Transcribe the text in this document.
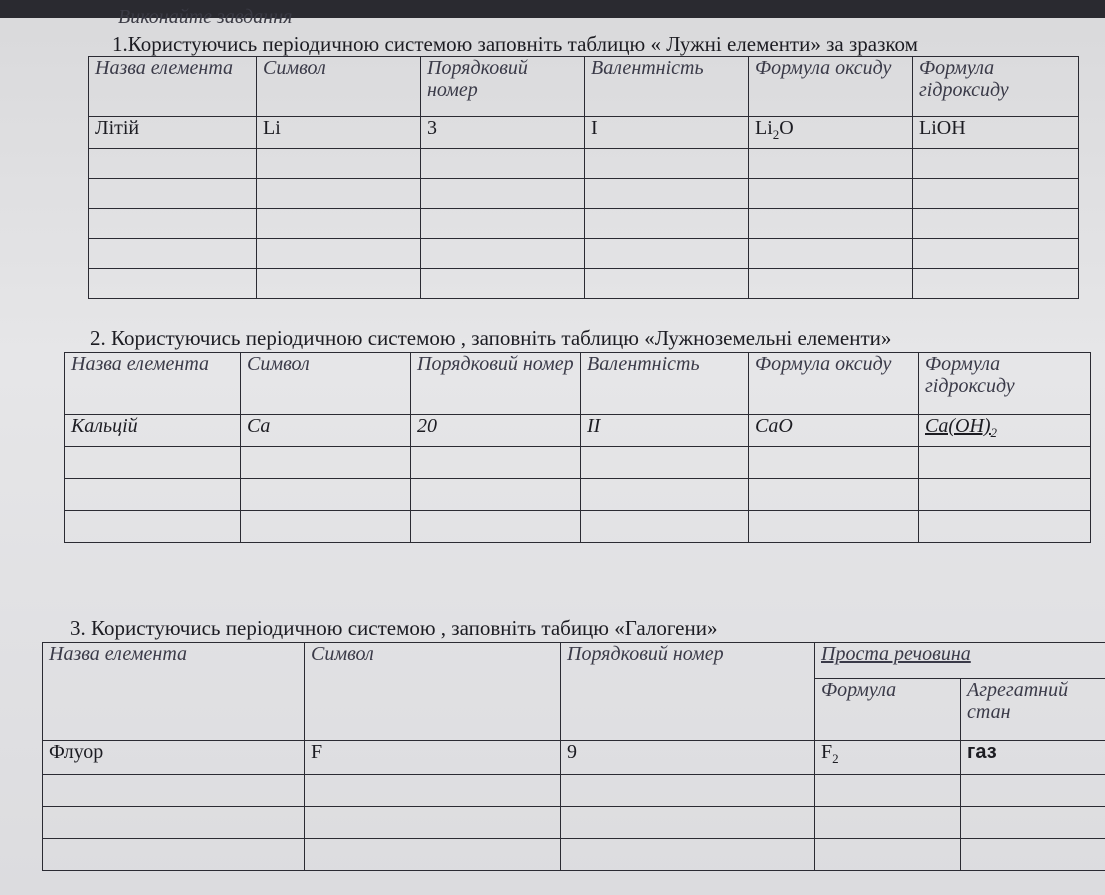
Виконайте завдання
1.Користуючись періодичною системою заповніть таблицю « Лужні елементи» за зразком
Назва елемента	Символ	Порядковий номер	Валентність	Формула оксиду	Формула гідроксиду
Літій	Li	3	I	$Li_2O$	LiOH

2. Користуючись періодичною системою , заповніть таблицю «Лужноземельні елементи»
Назва елемента	Символ	Порядковий номер	Валентність	Формула оксиду	Формула гідроксиду
Кальцій	Ca	20	II	CaO	$Ca(OH)_2$

3. Користуючись періодичною системою , заповніть табицю «Галогени»
Назва елемента	Символ	Порядковий номер	Проста речовина	
			Формула	Агрегатний стан
Флуор	F	9	$F_2$	газ
